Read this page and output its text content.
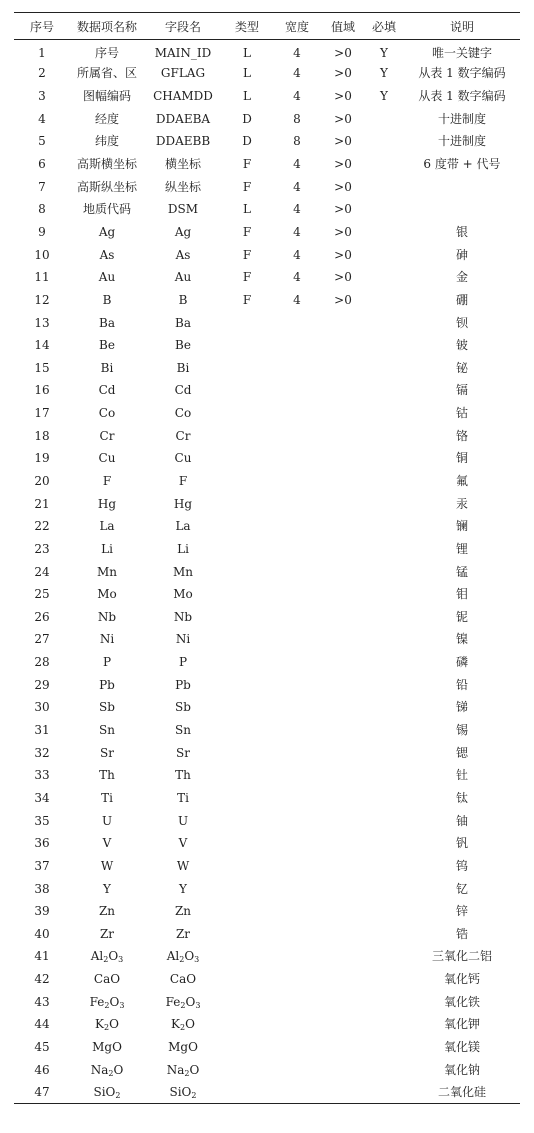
序号	数据项名称	字段名	类型	宽度	值域	必填	说明
1	序号	MAIN_ID	L	4	>0	Y	唯一关键字
2	所属省、区	GFLAG	L	4	>0	Y	从表 1 数字编码
3	图幅编码	CHAMDD	L	4	>0	Y	从表 1 数字编码
4	经度	DDAEBA	D	8	>0		十进制度
5	纬度	DDAEBB	D	8	>0		十进制度
6	高斯横坐标	横坐标	F	4	>0		6 度带 + 代号
7	高斯纵坐标	纵坐标	F	4	>0		
8	地质代码	DSM	L	4	>0		
9	Ag	Ag	F	4	>0		银
10	As	As	F	4	>0		砷
11	Au	Au	F	4	>0		金
12	B	B	F	4	>0		硼
13	Ba	Ba					钡
14	Be	Be					铍
15	Bi	Bi					铋
16	Cd	Cd					镉
17	Co	Co					钴
18	Cr	Cr					铬
19	Cu	Cu					铜
20	F	F					氟
21	Hg	Hg					汞
22	La	La					镧
23	Li	Li					锂
24	Mn	Mn					锰
25	Mo	Mo					钼
26	Nb	Nb					铌
27	Ni	Ni					镍
28	P	P					磷
29	Pb	Pb					铅
30	Sb	Sb					锑
31	Sn	Sn					锡
32	Sr	Sr					锶
33	Th	Th					钍
34	Ti	Ti					钛
35	U	U					铀
36	V	V					钒
37	W	W					钨
38	Y	Y					钇
39	Zn	Zn					锌
40	Zr	Zr					锆
41	$Al_2O_3$	$Al_2O_3$					三氧化二铝
42	CaO	CaO					氧化钙
43	$Fe_2O_3$	$Fe_2O_3$					氧化铁
44	$K_2O$	$K_2O$					氧化钾
45	MgO	MgO					氧化镁
46	$Na_2O$	$Na_2O$					氧化钠
47	SiO$_2$	SiO$_2$					二氧化硅
